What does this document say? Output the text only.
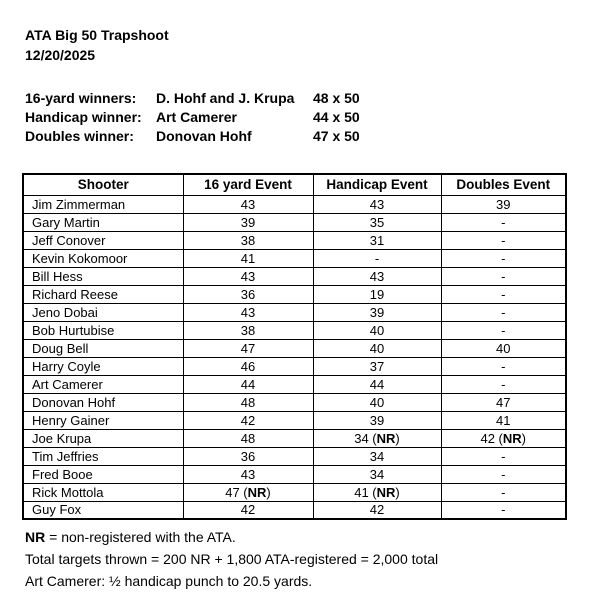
ATA Big 50 Trapshoot
12/20/2025
16-yard winners:	D. Hohf and J. Krupa	48 x 50
Handicap winner:	Art Camerer	44 x 50
Doubles winner:	Donovan Hohf	47 x 50
Shooter	16 yard Event	Handicap Event	Doubles Event
Jim Zimmerman	43	43	39
Gary Martin	39	35	-
Jeff Conover	38	31	-
Kevin Kokomoor	41	-	-
Bill Hess	43	43	-
Richard Reese	36	19	-
Jeno Dobai	43	39	-
Bob Hurtubise	38	40	-
Doug Bell	47	40	40
Harry Coyle	46	37	-
Art Camerer	44	44	-
Donovan Hohf	48	40	47
Henry Gainer	42	39	41
Joe Krupa	48	34 (NR)	42 (NR)
Tim Jeffries	36	34	-
Fred Booe	43	34	-
Rick Mottola	47 (NR)	41 (NR)	-
Guy Fox	42	42	-
NR = non-registered with the ATA.
Total targets thrown = 200 NR + 1,800 ATA-registered = 2,000 total
Art Camerer: ½ handicap punch to 20.5 yards.
